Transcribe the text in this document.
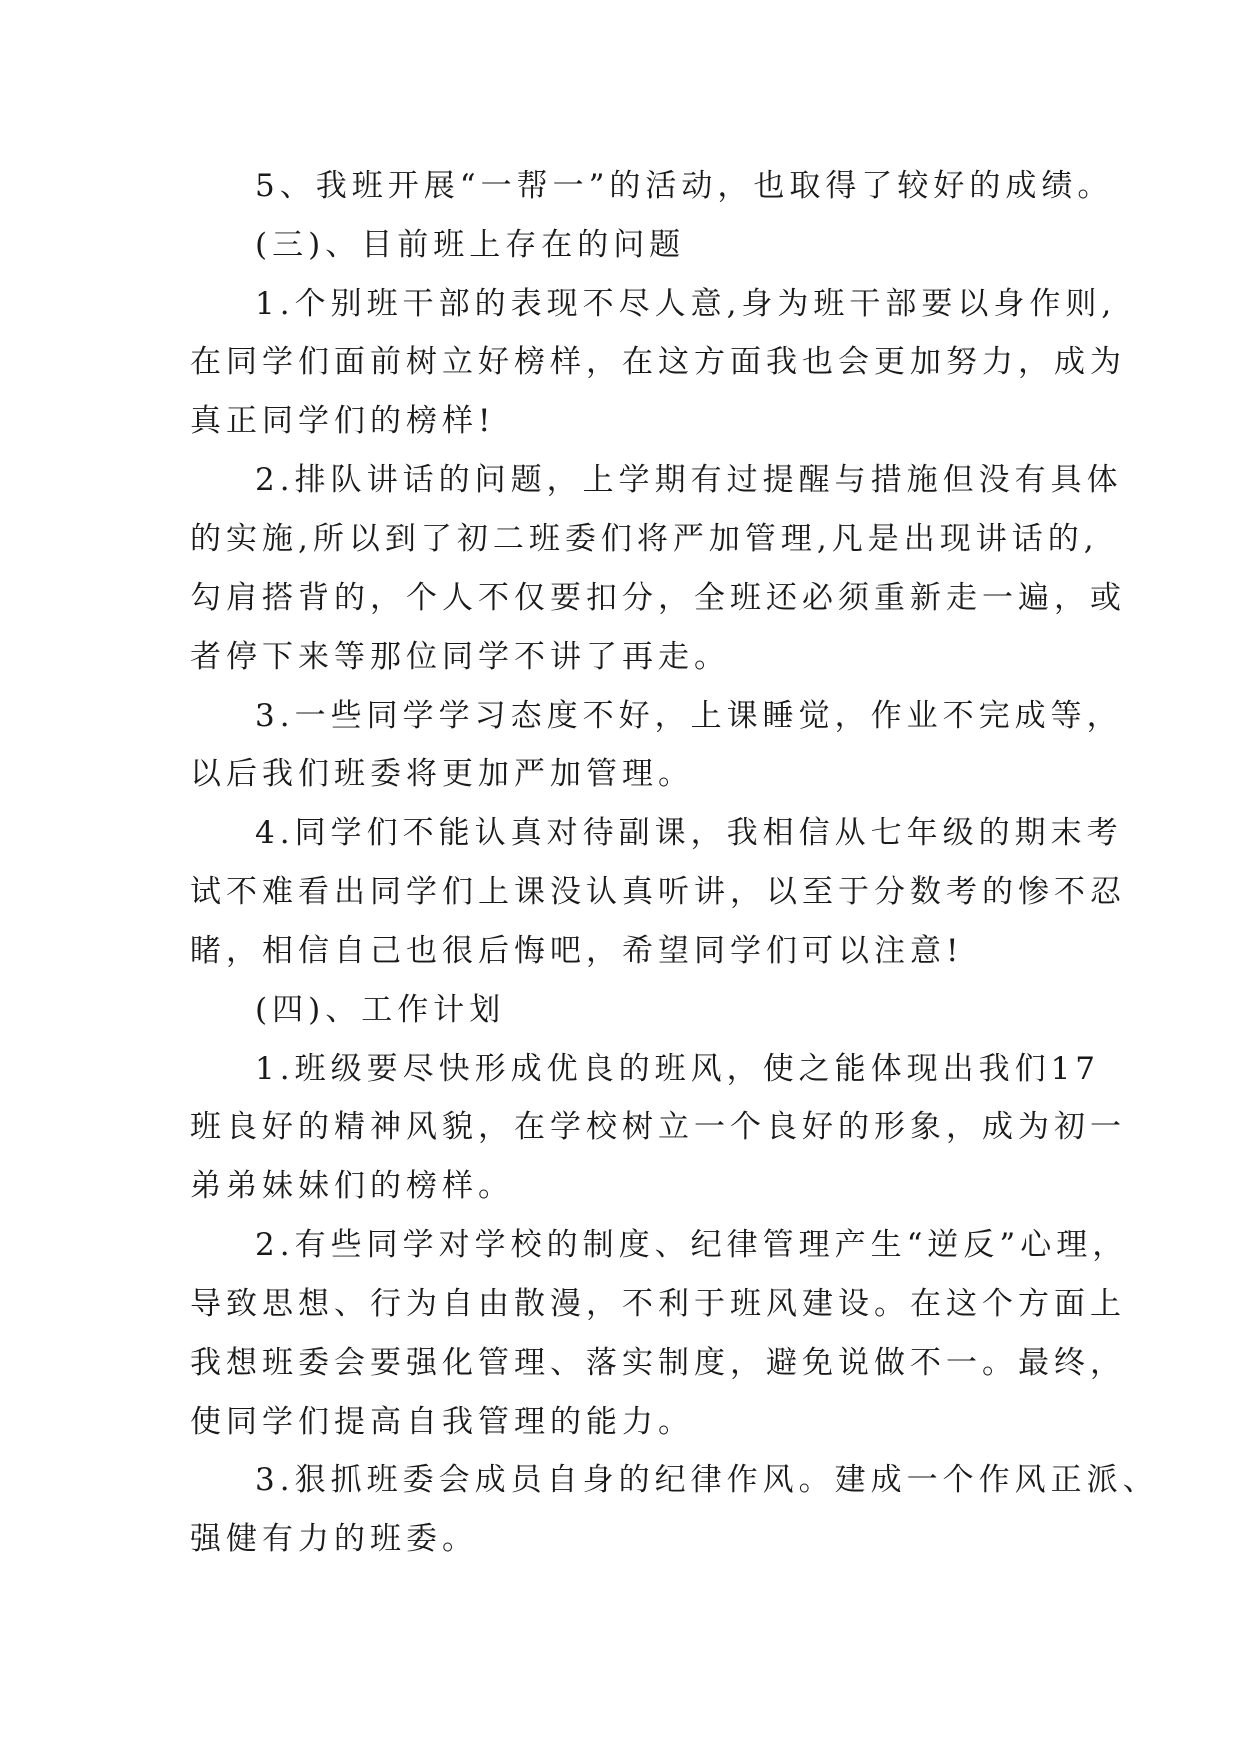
5、我班开展“一帮一”的活动，也取得了较好的成绩。
(三)、目前班上存在的问题
1.个别班干部的表现不尽人意,身为班干部要以身作则,
在同学们面前树立好榜样，在这方面我也会更加努力，成为
真正同学们的榜样!
2.排队讲话的问题，上学期有过提醒与措施但没有具体
的实施,所以到了初二班委们将严加管理,凡是出现讲话的,
勾肩搭背的，个人不仅要扣分，全班还必须重新走一遍，或
者停下来等那位同学不讲了再走。
3.一些同学学习态度不好，上课睡觉，作业不完成等，
以后我们班委将更加严加管理。
4.同学们不能认真对待副课，我相信从七年级的期末考
试不难看出同学们上课没认真听讲，以至于分数考的惨不忍
睹，相信自己也很后悔吧，希望同学们可以注意!
(四)、工作计划
1.班级要尽快形成优良的班风，使之能体现出我们17
班良好的精神风貌，在学校树立一个良好的形象，成为初一
弟弟妹妹们的榜样。
2.有些同学对学校的制度、纪律管理产生“逆反”心理，
导致思想、行为自由散漫，不利于班风建设。在这个方面上
我想班委会要强化管理、落实制度，避免说做不一。最终，
使同学们提高自我管理的能力。
3.狠抓班委会成员自身的纪律作风。建成一个作风正派、
强健有力的班委。
